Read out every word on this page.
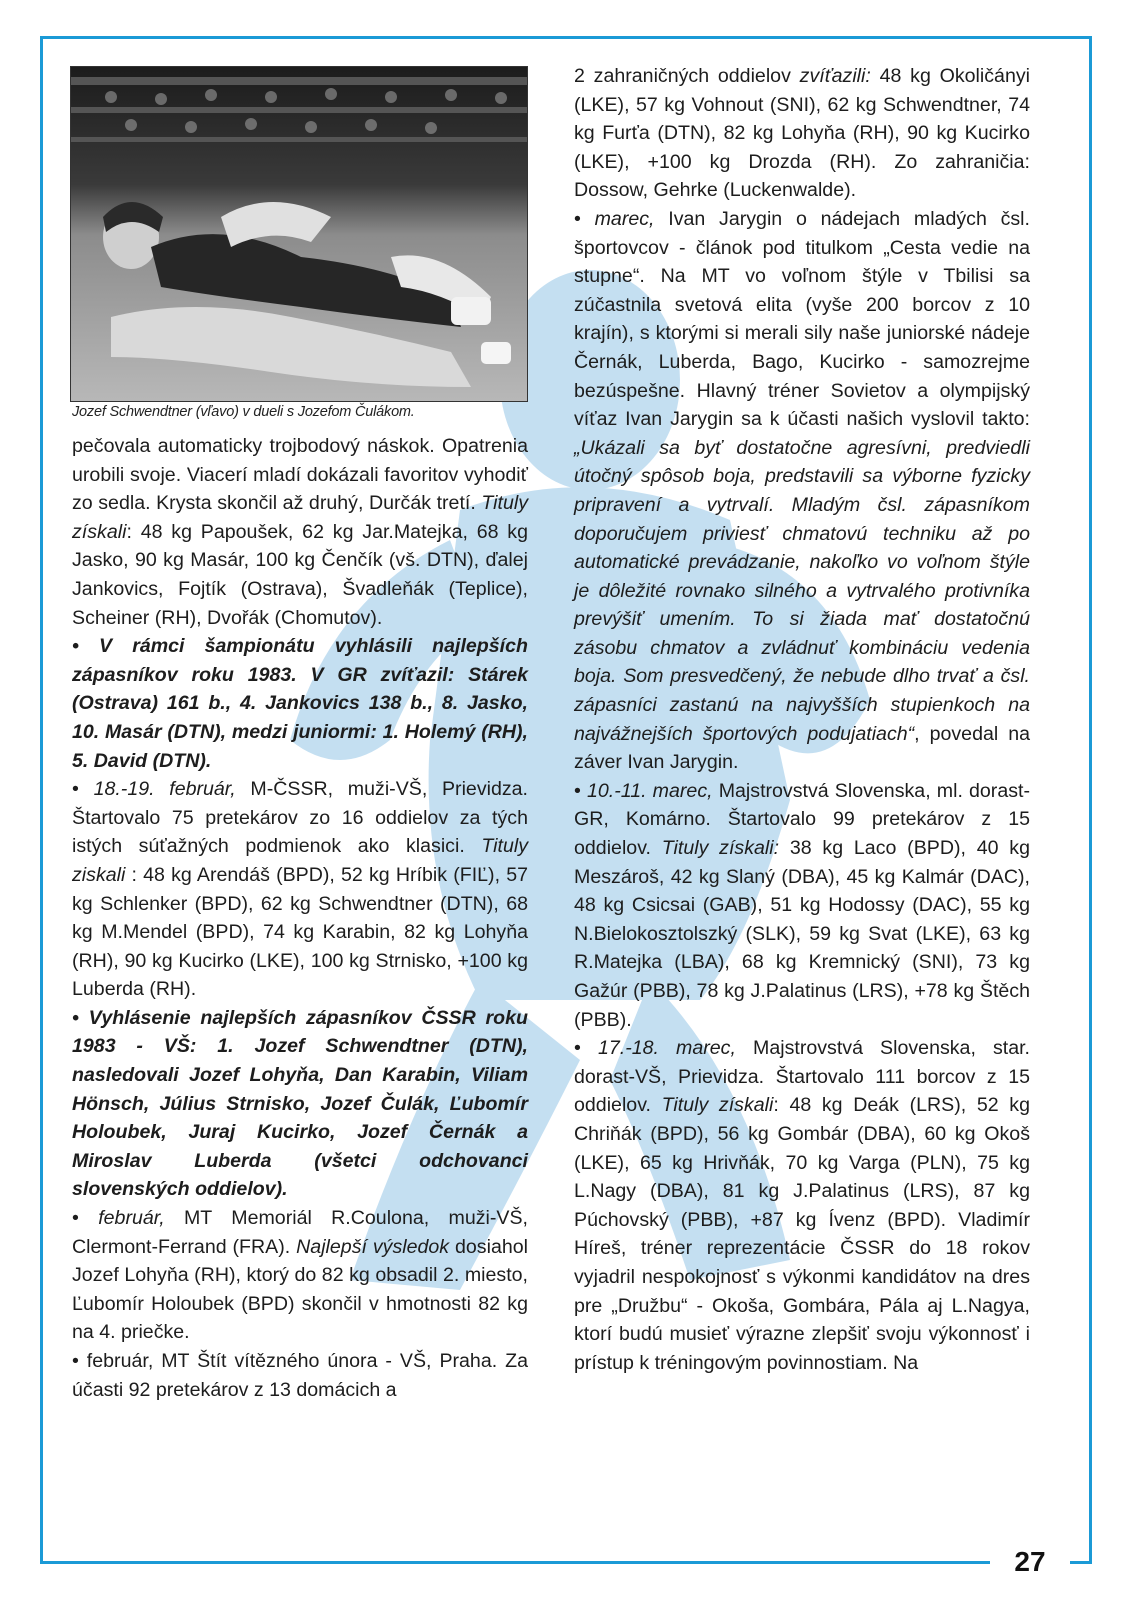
Jozef Schwendtner (vľavo) v dueli s Jozefom Čulákom.

pečovala automaticky trojbodový náskok. Opatrenia urobili svoje. Viacerí mladí dokázali favoritov vyhodiť zo sedla. Krysta skončil až druhý, Durčák tretí. Tituly získali: 48 kg Papoušek, 62 kg Jar.Matejka, 68 kg Jasko, 90 kg Masár, 100 kg Čenčík (vš. DTN), ďalej Jankovics, Fojtík (Ostrava), Švadleňák (Teplice), Scheiner (RH), Dvořák (Chomutov).

• V rámci šampionátu vyhlásili najlepších zápasníkov roku 1983. V GR zvíťazil: Stárek (Ostrava) 161 b., 4. Jankovics 138 b., 8. Jasko, 10. Masár (DTN), medzi juniormi: 1. Holemý (RH), 5. David (DTN).

• 18.-19. február, M-ČSSR, muži-VŠ, Prievidza. Štartovalo 75 pretekárov zo 16 oddielov za tých istých súťažných podmienok ako klasici. Tituly ziskali : 48 kg Arendáš (BPD), 52 kg Hríbik (FIĽ), 57 kg Schlenker (BPD), 62 kg Schwendtner (DTN), 68 kg M.Mendel (BPD), 74 kg Karabin, 82 kg Lohyňa (RH), 90 kg Kucirko (LKE), 100 kg Strnisko, +100 kg Luberda (RH).

• Vyhlásenie najlepších zápasníkov ČSSR roku 1983 - VŠ: 1. Jozef Schwendtner (DTN), nasledovali Jozef Lohyňa, Dan Karabin, Viliam Hönsch, Július Strnisko, Jozef Čulák, Ľubomír Holoubek, Juraj Kucirko, Jozef Černák a Miroslav Luberda (všetci odchovanci slovenských oddielov).

• február, MT Memoriál R.Coulona, muži-VŠ, Clermont-Ferrand (FRA). Najlepší výsledok dosiahol Jozef Lohyňa (RH), ktorý do 82 kg obsadil 2. miesto, Ľubomír Holoubek (BPD) skončil v hmotnosti 82 kg na 4. priečke.

• február, MT Štít vítězného února - VŠ, Praha. Za účasti 92 pretekárov z 13 domácich a

2 zahraničných oddielov zvíťazili: 48 kg Okoličányi (LKE), 57 kg Vohnout (SNI), 62 kg Schwendtner, 74 kg Furťa (DTN), 82 kg Lohyňa (RH), 90 kg Kucirko (LKE), +100 kg Drozda (RH). Zo zahraničia: Dossow, Gehrke (Luckenwalde).

• marec, Ivan Jarygin o nádejach mladých čsl. športovcov - článok pod titulkom „Cesta vedie na stupne“. Na MT vo voľnom štýle v Tbilisi sa zúčastnila svetová elita (vyše 200 borcov z 10 krajín), s ktorými si merali sily naše juniorské nádeje Černák, Luberda, Bago, Kucirko - samozrejme bezúspešne. Hlavný tréner Sovietov a olympijský víťaz Ivan Jarygin sa k účasti našich vyslovil takto: „Ukázali sa byť dostatočne agresívni, predviedli útočný spôsob boja, predstavili sa výborne fyzicky pripravení a vytrvalí. Mladým čsl. zápasníkom doporučujem priviesť chmatovú techniku až po automatické prevádzanie, nakoľko vo voľnom štýle je dôležité rovnako silného a vytrvalého protivníka prevýšiť umením. To si žiada mať dostatočnú zásobu chmatov a zvládnuť kombináciu vedenia boja. Som presvedčený, že nebude dlho trvať a čsl. zápasníci zastanú na najvyšších stupienkoch na najvážnejších športových podujatiach“, povedal na záver Ivan Jarygin.

• 10.-11. marec, Majstrovstvá Slovenska, ml. dorast-GR, Komárno. Štartovalo 99 pretekárov z 15 oddielov. Tituly získali: 38 kg Laco (BPD), 40 kg Meszároš, 42 kg Slaný (DBA), 45 kg Kalmár (DAC), 48 kg Csicsai (GAB), 51 kg Hodossy (DAC), 55 kg N.Bielokosztolszký (SLK), 59 kg Svat (LKE), 63 kg R.Matejka (LBA), 68 kg Kremnický (SNI), 73 kg Gažúr (PBB), 78 kg J.Palatinus (LRS), +78 kg Štěch (PBB).

• 17.-18. marec, Majstrovstvá Slovenska, star. dorast-VŠ, Prievidza. Štartovalo 111 borcov z 15 oddielov. Tituly získali: 48 kg Deák (LRS), 52 kg Chriňák (BPD), 56 kg Gombár (DBA), 60 kg Okoš (LKE), 65 kg Hrivňák, 70 kg Varga (PLN), 75 kg L.Nagy (DBA), 81 kg J.Palatinus (LRS), 87 kg Púchovský (PBB), +87 kg Ívenz (BPD). Vladimír Híreš, tréner reprezentácie ČSSR do 18 rokov vyjadril nespokojnosť s výkonmi kandidátov na dres pre „Družbu“ - Okoša, Gombára, Pála aj L.Nagya, ktorí budú musieť výrazne zlepšiť svoju výkonnosť i prístup k tréningovým povinnostiam. Na

27
